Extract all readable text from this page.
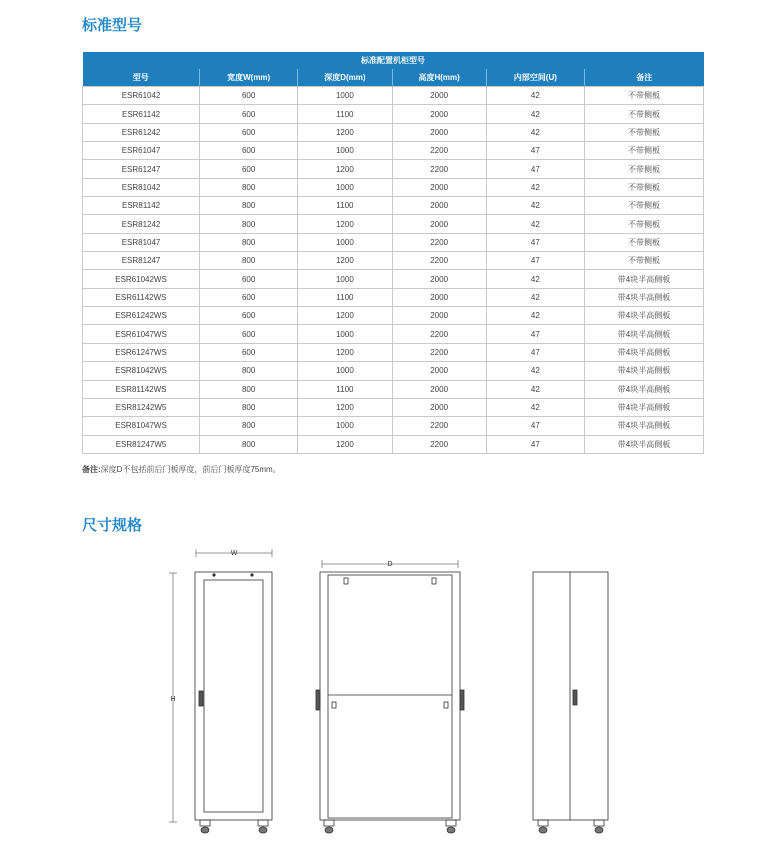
标准型号
标准配置机柜型号					
型号	宽度W(mm)	深度D(mm)	高度H(mm)	内部空间(U)	备注
ESR61042	600	1000	2000	42	不带侧板
ESR61142	600	1100	2000	42	不带侧板
ESR61242	600	1200	2000	42	不带侧板
ESR61047	600	1000	2200	47	不带侧板
ESR61247	600	1200	2200	47	不带侧板
ESR81042	800	1000	2000	42	不带侧板
ESR81142	800	1100	2000	42	不带侧板
ESR81242	800	1200	2000	42	不带侧板
ESR81047	800	1000	2200	47	不带侧板
ESR81247	800	1200	2200	47	不带侧板
ESR61042WS	600	1000	2000	42	带4块半高侧板
ESR61142WS	600	1100	2000	42	带4块半高侧板
ESR61242WS	600	1200	2000	42	带4块半高侧板
ESR61047WS	600	1000	2200	47	带4块半高侧板
ESR61247WS	600	1200	2200	47	带4块半高侧板
ESR81042WS	800	1000	2000	42	带4块半高侧板
ESR81142WS	800	1100	2000	42	带4块半高侧板
ESR81242W5	800	1200	2000	42	带4块半高侧板
ESR81047WS	800	1000	2200	47	带4块半高侧板
ESR81247W5	800	1200	2200	47	带4块半高侧板
备注:深度D不包括前后门板厚度，前后门板厚度75mm。
尺寸规格
W
D
H
